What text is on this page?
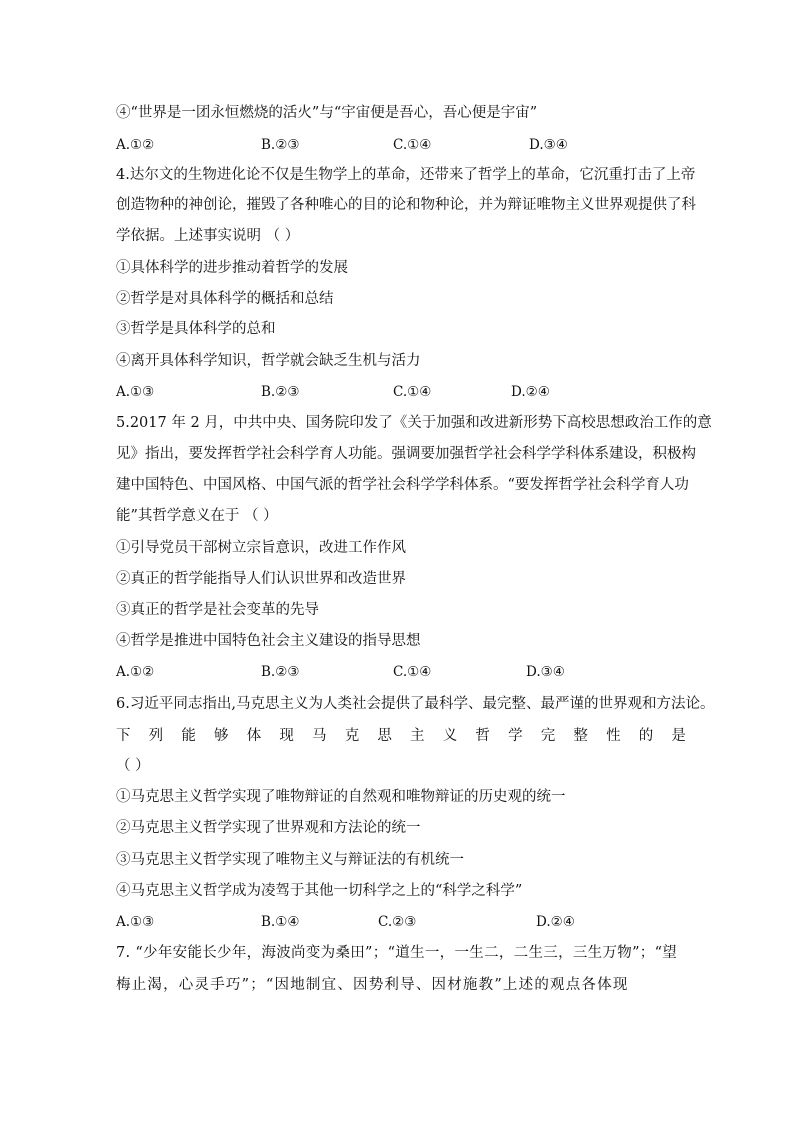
④“世界是一团永恒燃烧的活火”与“宇宙便是吾心，吾心便是宇宙”
A.①②	B.②③	C.①④	D.③④
4.达尔文的生物进化论不仅是生物学上的革命，还带来了哲学上的革命，它沉重打击了上帝
创造物种的神创论，摧毁了各种唯心的目的论和物种论，并为辩证唯物主义世界观提供了科
学依据。上述事实说明 （ ）
①具体科学的进步推动着哲学的发展
②哲学是对具体科学的概括和总结
③哲学是具体科学的总和
④离开具体科学知识，哲学就会缺乏生机与活力
A.①③	B.②③	C.①④	D.②④
5.2017 年 2 月，中共中央、国务院印发了《关于加强和改进新形势下高校思想政治工作的意
见》指出，要发挥哲学社会科学育人功能。强调要加强哲学社会科学学科体系建设，积极构
建中国特色、中国风格、中国气派的哲学社会科学学科体系。“要发挥哲学社会科学育人功
能”其哲学意义在于 （ ）
①引导党员干部树立宗旨意识，改进工作作风
②真正的哲学能指导人们认识世界和改造世界
③真正的哲学是社会变革的先导
④哲学是推进中国特色社会主义建设的指导思想
A.①②	B.②③	C.①④	D.③④
6.习近平同志指出,马克思主义为人类社会提供了最科学、最完整、最严谨的世界观和方法论。
下 列 能 够 体 现 马 克 思 主 义 哲 学 完 整 性 的 是
（ ）
①马克思主义哲学实现了唯物辩证的自然观和唯物辩证的历史观的统一
②马克思主义哲学实现了世界观和方法论的统一
③马克思主义哲学实现了唯物主义与辩证法的有机统一
④马克思主义哲学成为凌驾于其他一切科学之上的“科学之科学”
A.①③	B.①④	C.②③	D.②④
7. “少年安能长少年，海波尚变为桑田”；“道生一，一生二，二生三，三生万物”；“望
梅止渴，心灵手巧”；“因地制宜、因势利导、因材施教”上述的观点各体现
